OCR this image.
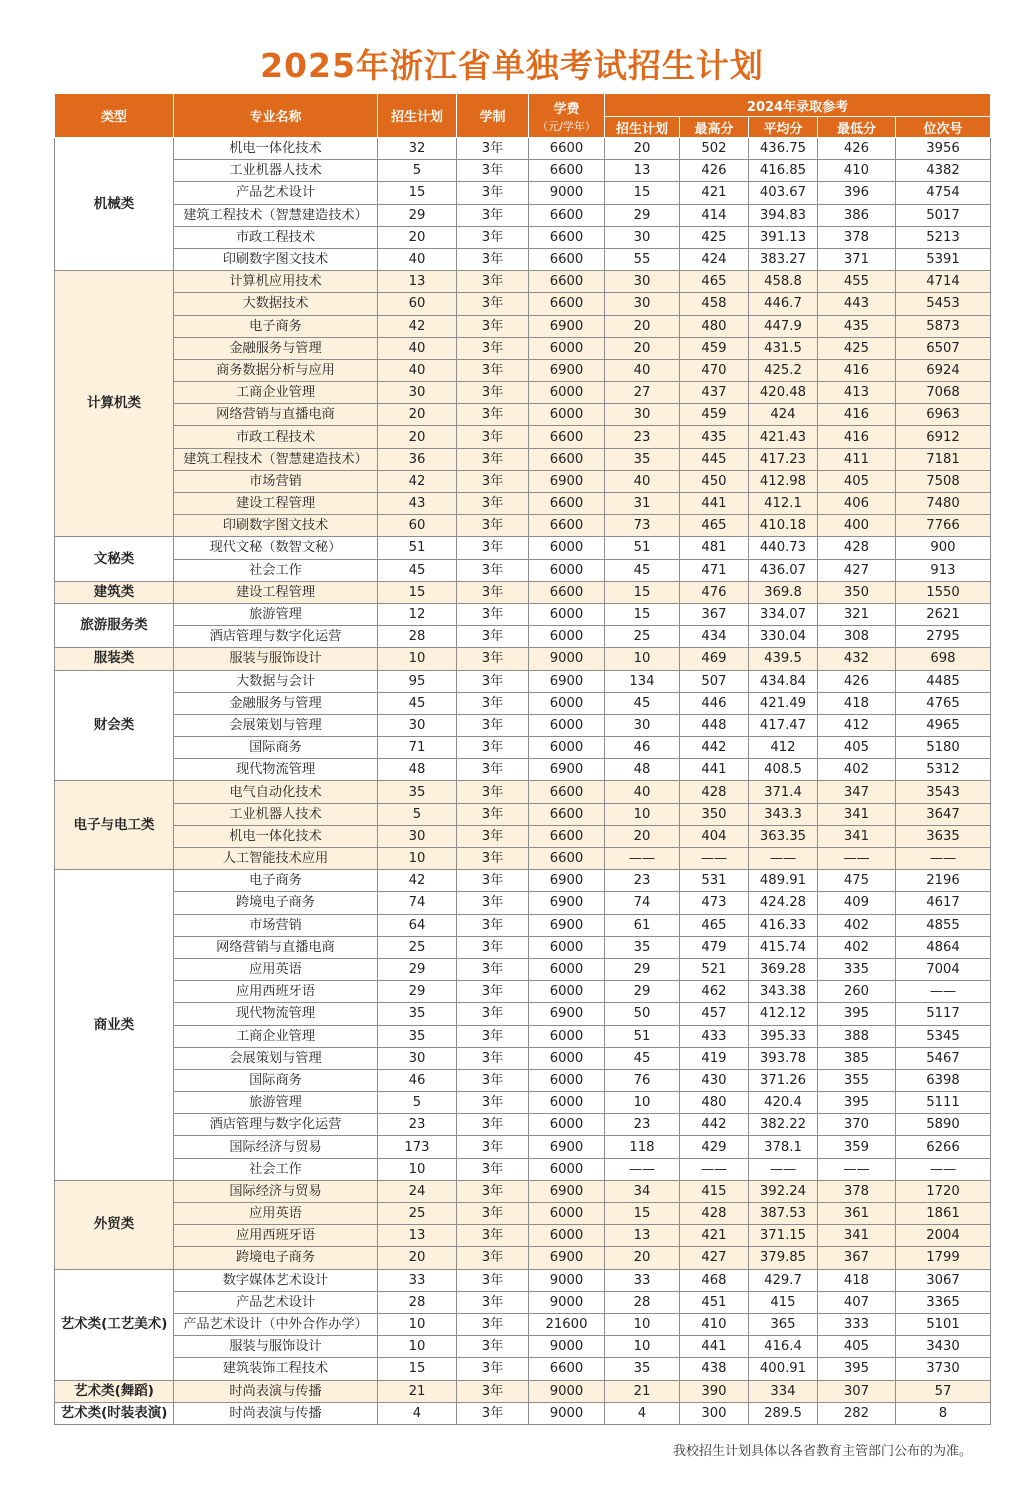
2025年浙江省单独考试招生计划
类型	专业名称	招生计划	学制	学费
（元/学年）	2024年录取参考				
					招生计划	最高分	平均分	最低分	位次号
机械类	机电一体化技术	32	3年	6600	20	502	436.75	426	3956
	工业机器人技术	5	3年	6600	13	426	416.85	410	4382
	产品艺术设计	15	3年	9000	15	421	403.67	396	4754
	建筑工程技术（智慧建造技术）	29	3年	6600	29	414	394.83	386	5017
	市政工程技术	20	3年	6600	30	425	391.13	378	5213
	印刷数字图文技术	40	3年	6600	55	424	383.27	371	5391
计算机类	计算机应用技术	13	3年	6600	30	465	458.8	455	4714
	大数据技术	60	3年	6600	30	458	446.7	443	5453
	电子商务	42	3年	6900	20	480	447.9	435	5873
	金融服务与管理	40	3年	6000	20	459	431.5	425	6507
	商务数据分析与应用	40	3年	6900	40	470	425.2	416	6924
	工商企业管理	30	3年	6000	27	437	420.48	413	7068
	网络营销与直播电商	20	3年	6000	30	459	424	416	6963
	市政工程技术	20	3年	6600	23	435	421.43	416	6912
	建筑工程技术（智慧建造技术）	36	3年	6600	35	445	417.23	411	7181
	市场营销	42	3年	6900	40	450	412.98	405	7508
	建设工程管理	43	3年	6600	31	441	412.1	406	7480
	印刷数字图文技术	60	3年	6600	73	465	410.18	400	7766
文秘类	现代文秘（数智文秘）	51	3年	6000	51	481	440.73	428	900
	社会工作	45	3年	6000	45	471	436.07	427	913
建筑类	建设工程管理	15	3年	6600	15	476	369.8	350	1550
旅游服务类	旅游管理	12	3年	6000	15	367	334.07	321	2621
	酒店管理与数字化运营	28	3年	6000	25	434	330.04	308	2795
服装类	服装与服饰设计	10	3年	9000	10	469	439.5	432	698
财会类	大数据与会计	95	3年	6900	134	507	434.84	426	4485
	金融服务与管理	45	3年	6000	45	446	421.49	418	4765
	会展策划与管理	30	3年	6000	30	448	417.47	412	4965
	国际商务	71	3年	6000	46	442	412	405	5180
	现代物流管理	48	3年	6900	48	441	408.5	402	5312
电子与电工类	电气自动化技术	35	3年	6600	40	428	371.4	347	3543
	工业机器人技术	5	3年	6600	10	350	343.3	341	3647
	机电一体化技术	30	3年	6600	20	404	363.35	341	3635
	人工智能技术应用	10	3年	6600	——	——	——	——	——
商业类	电子商务	42	3年	6900	23	531	489.91	475	2196
	跨境电子商务	74	3年	6900	74	473	424.28	409	4617
	市场营销	64	3年	6900	61	465	416.33	402	4855
	网络营销与直播电商	25	3年	6000	35	479	415.74	402	4864
	应用英语	29	3年	6000	29	521	369.28	335	7004
	应用西班牙语	29	3年	6000	29	462	343.38	260	——
	现代物流管理	35	3年	6900	50	457	412.12	395	5117
	工商企业管理	35	3年	6000	51	433	395.33	388	5345
	会展策划与管理	30	3年	6000	45	419	393.78	385	5467
	国际商务	46	3年	6000	76	430	371.26	355	6398
	旅游管理	5	3年	6000	10	480	420.4	395	5111
	酒店管理与数字化运营	23	3年	6000	23	442	382.22	370	5890
	国际经济与贸易	173	3年	6900	118	429	378.1	359	6266
	社会工作	10	3年	6000	——	——	——	——	——
外贸类	国际经济与贸易	24	3年	6900	34	415	392.24	378	1720
	应用英语	25	3年	6000	15	428	387.53	361	1861
	应用西班牙语	13	3年	6000	13	421	371.15	341	2004
	跨境电子商务	20	3年	6900	20	427	379.85	367	1799
艺术类(工艺美术)	数字媒体艺术设计	33	3年	9000	33	468	429.7	418	3067
	产品艺术设计	28	3年	9000	28	451	415	407	3365
	产品艺术设计（中外合作办学）	10	3年	21600	10	410	365	333	5101
	服装与服饰设计	10	3年	9000	10	441	416.4	405	3430
	建筑装饰工程技术	15	3年	6600	35	438	400.91	395	3730
艺术类(舞蹈)	时尚表演与传播	21	3年	9000	21	390	334	307	57
艺术类(时装表演)	时尚表演与传播	4	3年	9000	4	300	289.5	282	8
我校招生计划具体以各省教育主管部门公布的为准。
